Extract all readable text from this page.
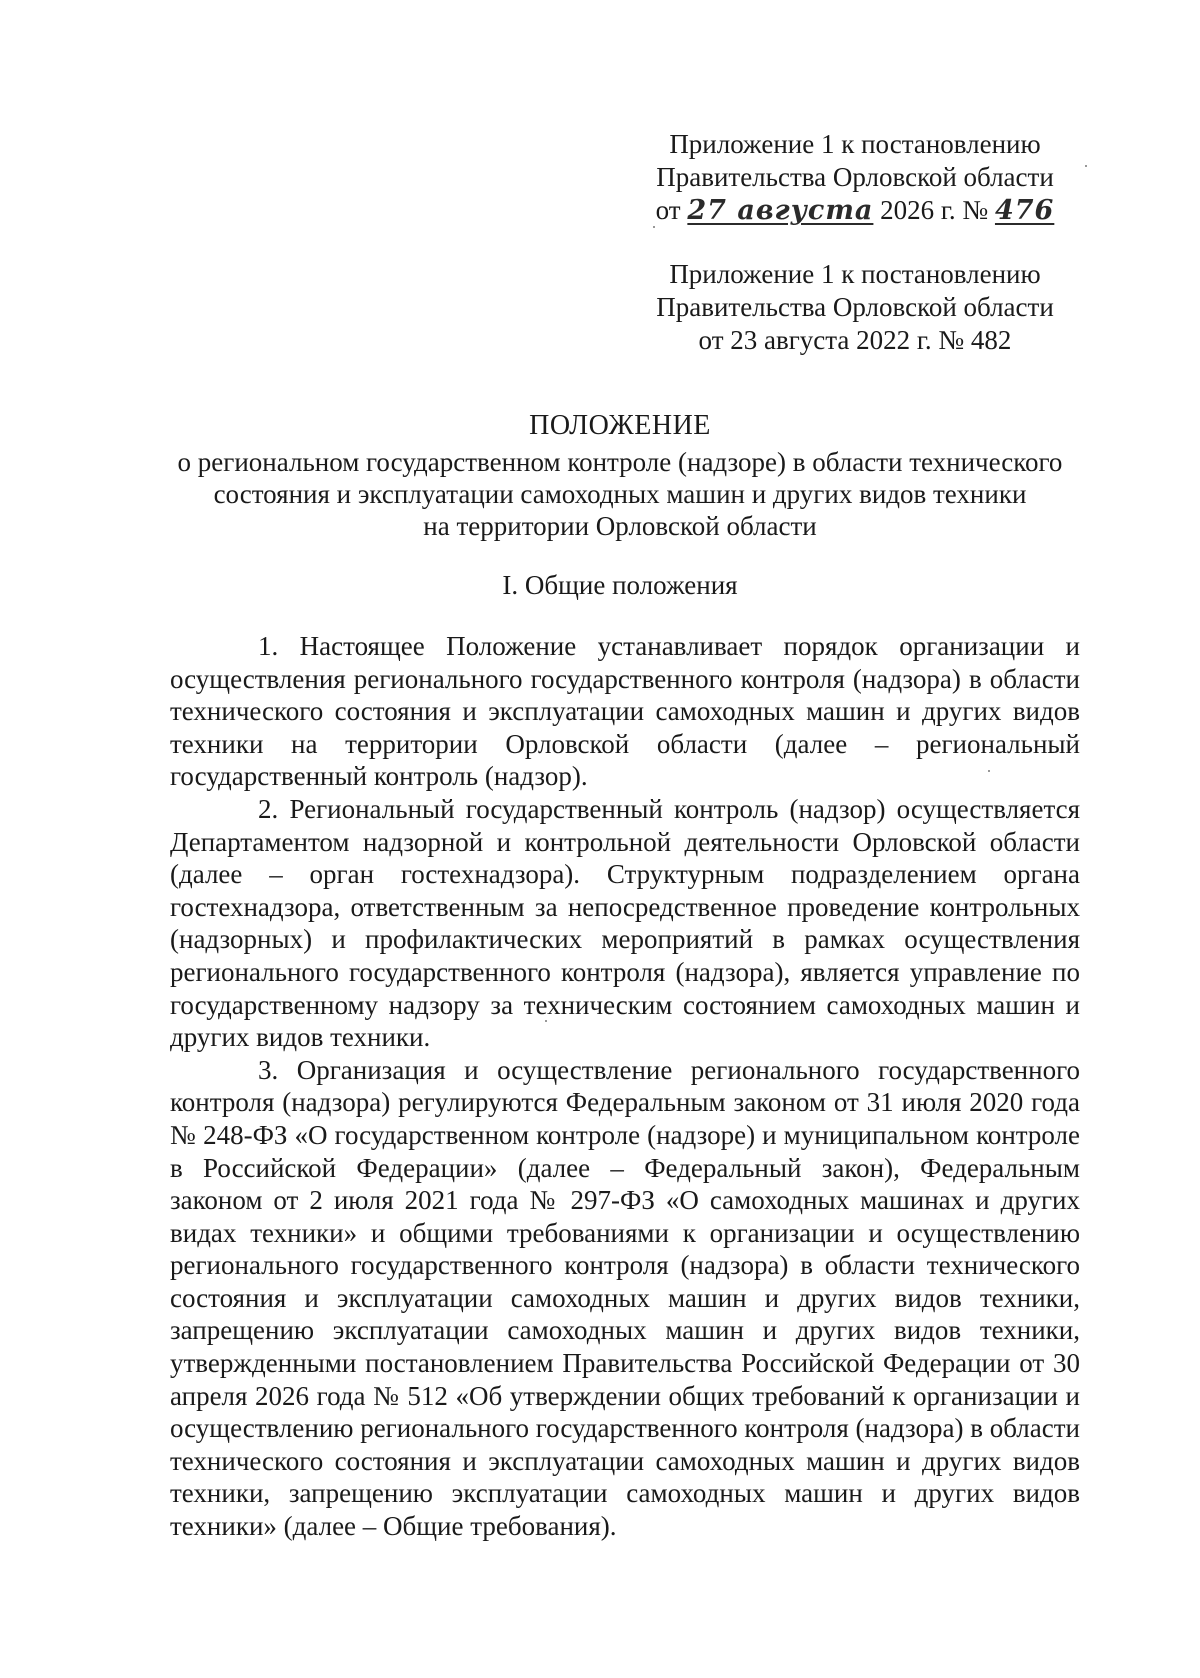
Приложение 1 к постановлению
Правительства Орловской области
от 27 августа 2026 г. № 476
Приложение 1 к постановлению
Правительства Орловской области
от 23 августа 2022 г. № 482
ПОЛОЖЕНИЕ
о региональном государственном контроле (надзоре) в области технического
состояния и эксплуатации самоходных машин и других видов техники
на территории Орловской области
I. Общие положения

1. Настоящее Положение устанавливает порядок организации и осуществления регионального государственного контроля (надзора) в области технического состояния и эксплуатации самоходных машин и других видов техники на территории Орловской области (далее – региональный государственный контроль (надзор).

2. Региональный государственный контроль (надзор) осуществляется Департаментом надзорной и контрольной деятельности Орловской области (далее – орган гостехнадзора). Структурным подразделением органа гостехнадзора, ответственным за непосредственное проведение контрольных (надзорных) и профилактических мероприятий в рамках осуществления регионального государственного контроля (надзора), является управление по государственному надзору за техническим состоянием самоходных машин и других видов техники.

3. Организация и осуществление регионального государственного контроля (надзора) регулируются Федеральным законом от 31 июля 2020 года № 248-ФЗ «О государственном контроле (надзоре) и муниципальном контроле в Российской Федерации» (далее – Федеральный закон), Федеральным законом от 2 июля 2021 года № 297-ФЗ «О самоходных машинах и других видах техники» и общими требованиями к организации и осуществлению регионального государственного контроля (надзора) в области технического состояния и эксплуатации самоходных машин и других видов техники, запрещению эксплуатации самоходных машин и других видов техники, утвержденными постановлением Правительства Российской Федерации от 30 апреля 2026 года № 512 «Об утверждении общих требований к организации и осуществлению регионального государственного контроля (надзора) в области технического состояния и эксплуатации самоходных машин и других видов техники, запрещению эксплуатации самоходных машин и других видов техники» (далее – Общие требования).
